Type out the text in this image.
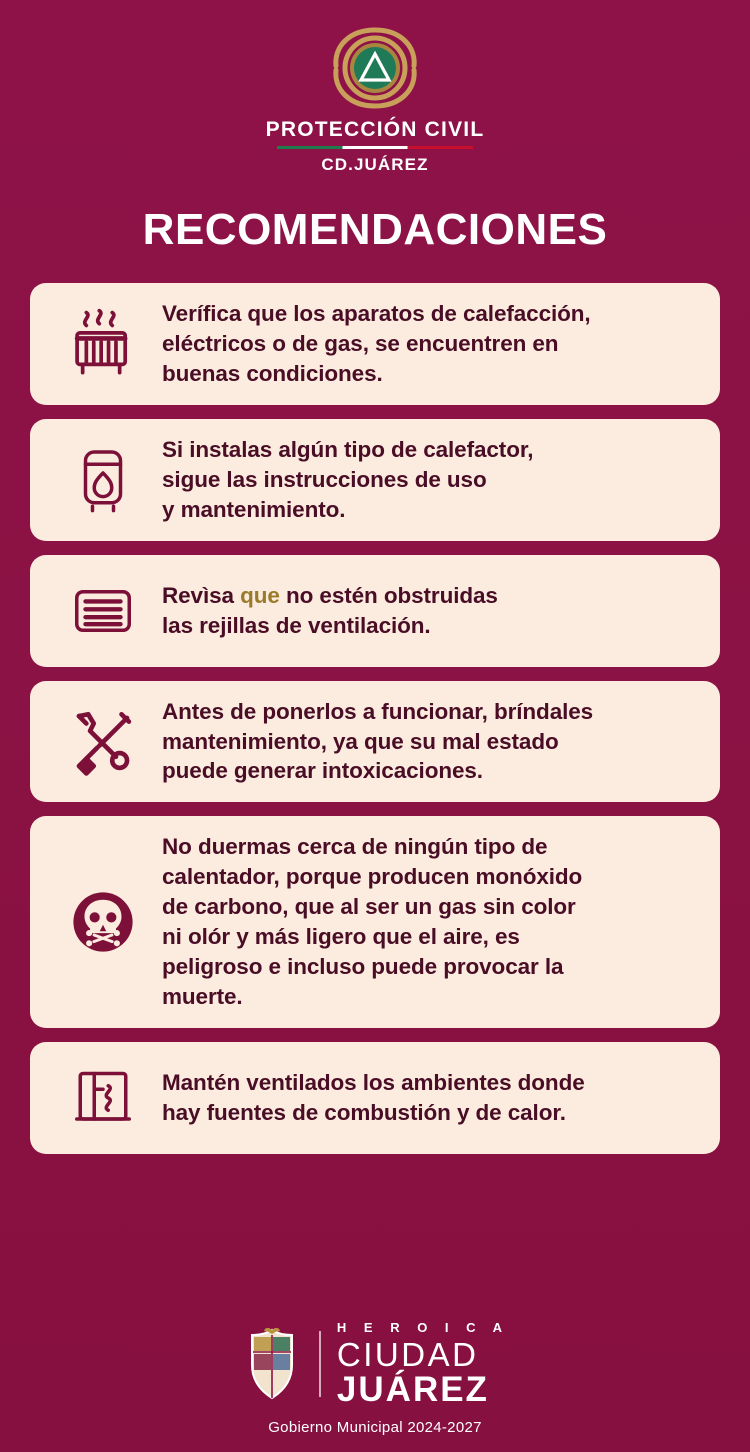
PROTECCIÓN CIVIL
CD.JUÁREZ
RECOMENDACIONES
Verífica que los aparatos de calefacción,
eléctricos o de gas, se encuentren en
buenas condiciones.
Si instalas algún tipo de calefactor,
sigue las instrucciones de uso
y mantenimiento.
Revìsa que no estén obstruidas
las rejillas de ventilación.
Antes de ponerlos a funcionar, bríndales
mantenimiento, ya que su mal estado
puede generar intoxicaciones.
No duermas cerca de ningún tipo de
calentador, porque producen monóxido
de carbono, que al ser un gas sin color
ni olór y más ligero que el aire, es
peligroso e incluso puede provocar la
muerte.
Mantén ventilados los ambientes donde
hay fuentes de combustión y de calor.
H E R O I C A
CIUDAD
JUÁREZ
Gobierno Municipal 2024-2027
